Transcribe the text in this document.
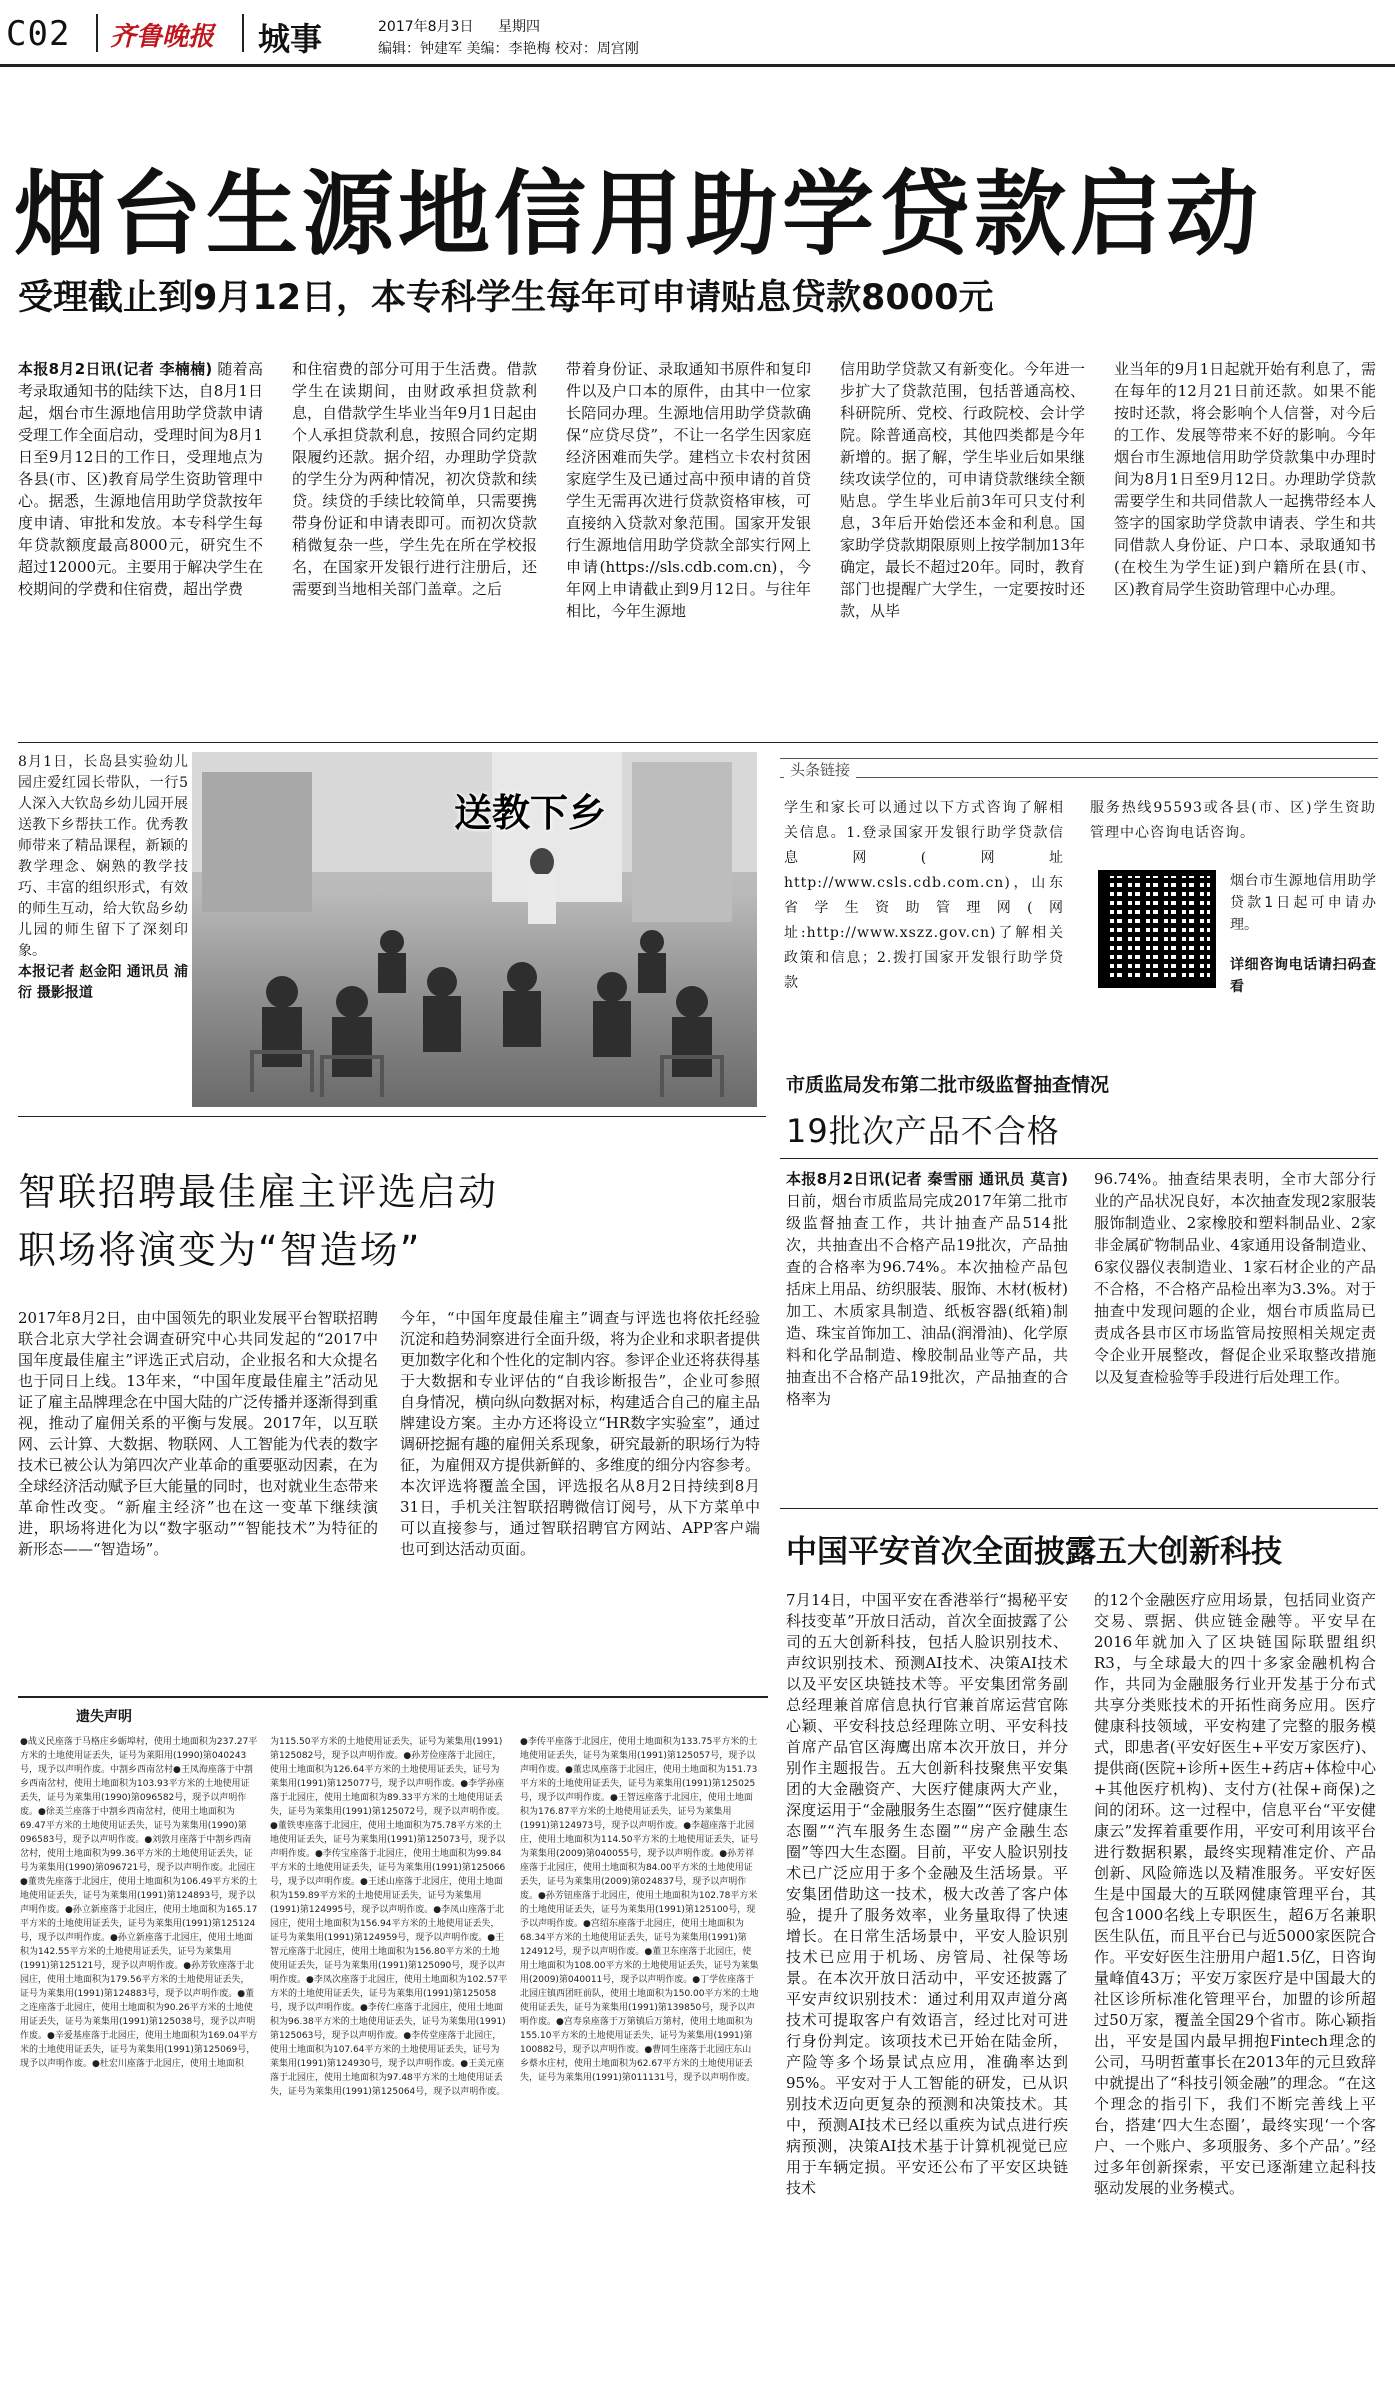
C02 齐鲁晚报 城事	2017年8月3日 星期四
编辑：钟建军 美编：李艳梅 校对：周宫刚
烟台生源地信用助学贷款启动
受理截止到9月12日，本专科学生每年可申请贴息贷款8000元
本报8月2日讯(记者 李楠楠) 随着高考录取通知书的陆续下达，自8月1日起，烟台市生源地信用助学贷款申请受理工作全面启动，受理时间为8月1日至9月12日的工作日，受理地点为各县(市、区)教育局学生资助管理中心。据悉，生源地信用助学贷款按年度申请、审批和发放。本专科学生每年贷款额度最高8000元，研究生不超过12000元。主要用于解决学生在校期间的学费和住宿费，超出学费
和住宿费的部分可用于生活费。借款学生在读期间，由财政承担贷款利息，自借款学生毕业当年9月1日起由个人承担贷款利息，按照合同约定期限履约还款。据介绍，办理助学贷款的学生分为两种情况，初次贷款和续贷。续贷的手续比较简单，只需要携带身份证和申请表即可。而初次贷款稍微复杂一些，学生先在所在学校报名，在国家开发银行进行注册后，还需要到当地相关部门盖章。之后
带着身份证、录取通知书原件和复印件以及户口本的原件，由其中一位家长陪同办理。生源地信用助学贷款确保“应贷尽贷”，不让一名学生因家庭经济困难而失学。建档立卡农村贫困家庭学生及已通过高中预申请的首贷学生无需再次进行贷款资格审核，可直接纳入贷款对象范围。国家开发银行生源地信用助学贷款全部实行网上申请(https://sls.cdb.com.cn)，今年网上申请截止到9月12日。与往年相比，今年生源地
信用助学贷款又有新变化。今年进一步扩大了贷款范围，包括普通高校、科研院所、党校、行政院校、会计学院。除普通高校，其他四类都是今年新增的。据了解，学生毕业后如果继续攻读学位的，可申请贷款继续全额贴息。学生毕业后前3年可只支付利息，3年后开始偿还本金和利息。国家助学贷款期限原则上按学制加13年确定，最长不超过20年。同时，教育部门也提醒广大学生，一定要按时还款，从毕
业当年的9月1日起就开始有利息了，需在每年的12月21日前还款。如果不能按时还款，将会影响个人信誉，对今后的工作、发展等带来不好的影响。今年烟台市生源地信用助学贷款集中办理时间为8月1日至9月12日。办理助学贷款需要学生和共同借款人一起携带经本人签字的国家助学贷款申请表、学生和共同借款人身份证、户口本、录取通知书(在校生为学生证)到户籍所在县(市、区)教育局学生资助管理中心办理。
8月1日，长岛县实验幼儿园庄爱红园长带队，一行5人深入大钦岛乡幼儿园开展送教下乡帮扶工作。优秀教师带来了精品课程，新颖的教学理念、娴熟的教学技巧、丰富的组织形式，有效的师生互动，给大钦岛乡幼儿园的师生留下了深刻印象。
本报记者 赵金阳 通讯员 浦衍 摄影报道
送教下乡
头条链接
学生和家长可以通过以下方式咨询了解相关信息。1.登录国家开发银行助学贷款信息网(网址http://www.csls.cdb.com.cn)，山东省学生资助管理网(网址:http://www.xszz.gov.cn)了解相关政策和信息；2.拨打国家开发银行助学贷款
服务热线95593或各县(市、区)学生资助管理中心咨询电话咨询。
烟台市生源地信用助学贷款1日起可申请办理。
详细咨询电话请扫码查看
市质监局发布第二批市级监督抽查情况
19批次产品不合格
本报8月2日讯(记者 秦雪丽 通讯员 莫言) 日前，烟台市质监局完成2017年第二批市级监督抽查工作，共计抽查产品514批次，共抽查出不合格产品19批次，产品抽查的合格率为96.74%。本次抽检产品包括床上用品、纺织服装、服饰、木材(板材)加工、木质家具制造、纸板容器(纸箱)制造、珠宝首饰加工、油品(润滑油)、化学原料和化学品制造、橡胶制品业等产品，共抽查出不合格产品19批次，产品抽查的合格率为
96.74%。抽查结果表明，全市大部分行业的产品状况良好，本次抽查发现2家服装服饰制造业、2家橡胶和塑料制品业、2家非金属矿物制品业、4家通用设备制造业、6家仪器仪表制造业、1家石材企业的产品不合格，不合格产品检出率为3.3%。对于抽查中发现问题的企业，烟台市质监局已责成各县市区市场监管局按照相关规定责令企业开展整改，督促企业采取整改措施以及复查检验等手段进行后处理工作。
智联招聘最佳雇主评选启动
职场将演变为“智造场”
2017年8月2日，由中国领先的职业发展平台智联招聘联合北京大学社会调查研究中心共同发起的“2017中国年度最佳雇主”评选正式启动，企业报名和大众提名也于同日上线。13年来，“中国年度最佳雇主”活动见证了雇主品牌理念在中国大陆的广泛传播并逐渐得到重视，推动了雇佣关系的平衡与发展。2017年，以互联网、云计算、大数据、物联网、人工智能为代表的数字技术已被公认为第四次产业革命的重要驱动因素，在为全球经济活动赋予巨大能量的同时，也对就业生态带来革命性改变。“新雇主经济”也在这一变革下继续演进，职场将进化为以“数字驱动”“智能技术”为特征的新形态——“智造场”。
今年，“中国年度最佳雇主”调查与评选也将依托经验沉淀和趋势洞察进行全面升级，将为企业和求职者提供更加数字化和个性化的定制内容。参评企业还将获得基于大数据和专业评估的“自我诊断报告”，企业可参照自身情况，横向纵向数据对标，构建适合自己的雇主品牌建设方案。主办方还将设立“HR数字实验室”，通过调研挖掘有趣的雇佣关系现象，研究最新的职场行为特征，为雇佣双方提供新鲜的、多维度的细分内容参考。本次评选将覆盖全国，评选报名从8月2日持续到8月31日，手机关注智联招聘微信订阅号，从下方菜单中可以直接参与，通过智联招聘官方网站、APP客户端也可到达活动页面。	中国平安首次全面披露五大创新科技
7月14日，中国平安在香港举行“揭秘平安科技变革”开放日活动，首次全面披露了公司的五大创新科技，包括人脸识别技术、声纹识别技术、预测AI技术、决策AI技术以及平安区块链技术等。平安集团常务副总经理兼首席信息执行官兼首席运营官陈心颖、平安科技总经理陈立明、平安科技首席产品官区海鹰出席本次开放日，并分别作主题报告。五大创新科技聚焦平安集团的大金融资产、大医疗健康两大产业，深度运用于“金融服务生态圈”“医疗健康生态圈”“汽车服务生态圈”“房产金融生态圈”等四大生态圈。目前，平安人脸识别技术已广泛应用于多个金融及生活场景。平安集团借助这一技术，极大改善了客户体验，提升了服务效率，业务量取得了快速增长。在日常生活场景中，平安人脸识别技术已应用于机场、房管局、社保等场景。在本次开放日活动中，平安还披露了平安声纹识别技术：通过利用双声道分离技术可提取客户有效语言，经过比对可进行身份判定。该项技术已开始在陆金所，产险等多个场景试点应用，准确率达到95%。平安对于人工智能的研发，已从识别技术迈向更复杂的预测和决策技术。其中，预测AI技术已经以重疾为试点进行疾病预测，决策AI技术基于计算机视觉已应用于车辆定损。平安还公布了平安区块链技术
的12个金融医疗应用场景，包括同业资产交易、票据、供应链金融等。平安早在2016年就加入了区块链国际联盟组织R3，与全球最大的四十多家金融机构合作，共同为金融服务行业开发基于分布式共享分类账技术的开拓性商务应用。医疗健康科技领域，平安构建了完整的服务模式，即患者(平安好医生+平安万家医疗)、提供商(医院+诊所+医生+药店+体检中心+其他医疗机构)、支付方(社保+商保)之间的闭环。这一过程中，信息平台“平安健康云”发挥着重要作用，平安可利用该平台进行数据积累，最终实现精准定价、产品创新、风险筛选以及精准服务。平安好医生是中国最大的互联网健康管理平台，其包含1000名线上专职医生，超6万名兼职医生队伍，而且平台已与近5000家医院合作。平安好医生注册用户超1.5亿，日咨询量峰值43万；平安万家医疗是中国最大的社区诊所标准化管理平台，加盟的诊所超过50万家，覆盖全国29个省市。陈心颖指出，平安是国内最早拥抱Fintech理念的公司，马明哲董事长在2013年的元旦致辞中就提出了“科技引领金融”的理念。“在这个理念的指引下，我们不断完善线上平台，搭建‘四大生态圈’，最终实现‘一个客户、一个账户、多项服务、多个产品’。”经过多年创新探索，平安已逐渐建立起科技驱动发展的业务模式。
遗失声明
●战义民座落于马格庄乡蛎埠村，使用土地面积为237.27平方米的土地使用证丢失，证号为莱阳用(1990)第040243号，现予以声明作废。中割乡西南岔村●王凤海座落于中割乡西南岔村，使用土地面积为103.93平方米的土地使用证丢失，证号为莱集用(1990)第096582号，现予以声明作废。●徐美兰座落于中割乡西南岔村，使用土地面积为69.47平方米的土地使用证丢失，证号为莱集用(1990)第096583号，现予以声明作废。●刘敦月座落于中割乡西南岔村，使用土地面积为99.36平方米的土地使用证丢失，证号为莱集用(1990)第096721号，现予以声明作废。北园庄●董贵先座落于北园庄，使用土地面积为106.49平方米的土地使用证丢失，证号为莱集用(1991)第124893号，现予以声明作废。●孙立新座落于北园庄，使用土地面积为165.17平方米的土地使用证丢失，证号为莱集用(1991)第125124号，现予以声明作废。●孙立新座落于北园庄，使用土地面积为142.55平方米的土地使用证丢失，证号为莱集用(1991)第125121号，现予以声明作废。●孙芳钦座落于北园庄，使用土地面积为179.56平方米的土地使用证丢失，证号为莱集用(1991)第124883号，现予以声明作废。●董之连座落于北园庄，使用土地面积为90.26平方米的土地使用证丢失，证号为莱集用(1991)第125038号，现予以声明作废。●辛爱基座落于北园庄，使用土地面积为169.04平方米的土地使用证丢失，证号为莱集用(1991)第125069号，现予以声明作废。●杜宏川座落于北园庄，使用土地面积
为115.50平方米的土地使用证丢失，证号为莱集用(1991)第125082号，现予以声明作废。●孙芳俭座落于北园庄，使用土地面积为126.64平方米的土地使用证丢失，证号为莱集用(1991)第125077号，现予以声明作废。●李学孙座落于北园庄，使用土地面积为89.33平方米的土地使用证丢失，证号为莱集用(1991)第125072号，现予以声明作废。●董铁枣座落于北园庄，使用土地面积为75.78平方米的土地使用证丢失，证号为莱集用(1991)第125073号，现予以声明作废。●李传宝座落于北园庄，使用土地面积为99.84平方米的土地使用证丢失，证号为莱集用(1991)第125066号，现予以声明作废。●王述山座落于北园庄，使用土地面积为159.89平方米的土地使用证丢失，证号为莱集用(1991)第124995号，现予以声明作废。●李凤山座落于北园庄，使用土地面积为156.94平方米的土地使用证丢失，证号为莱集用(1991)第124959号，现予以声明作废。●王智元座落于北园庄，使用土地面积为156.80平方米的土地使用证丢失，证号为莱集用(1991)第125090号，现予以声明作废。●李凤次座落于北园庄，使用土地面积为102.57平方米的土地使用证丢失，证号为莱集用(1991)第125058号，现予以声明作废。●李传仁座落于北园庄，使用土地面积为96.38平方米的土地使用证丢失，证号为莱集用(1991)第125063号，现予以声明作废。●李传堂座落于北园庄，使用土地面积为107.64平方米的土地使用证丢失，证号为莱集用(1991)第124930号，现予以声明作废。●王美元座落于北园庄，使用土地面积为97.48平方米的土地使用证丢失，证号为莱集用(1991)第125064号，现予以声明作废。
●李传平座落于北园庄，使用土地面积为133.75平方米的土地使用证丢失，证号为莱集用(1991)第125057号，现予以声明作废。●董忠凤座落于北园庄，使用土地面积为151.73平方米的土地使用证丢失，证号为莱集用(1991)第125025号，现予以声明作废。●王智远座落于北园庄，使用土地面积为176.87平方米的土地使用证丢失，证号为莱集用(1991)第124973号，现予以声明作废。●李超座落于北园庄，使用土地面积为114.50平方米的土地使用证丢失，证号为莱集用(2009)第040055号，现予以声明作废。●孙芳祥座落于北园庄，使用土地面积为84.00平方米的土地使用证丢失，证号为莱集用(2009)第024837号，现予以声明作废。●孙芳钮座落于北园庄，使用土地面积为102.78平方米的土地使用证丢失，证号为莱集用(1991)第125100号，现予以声明作废。●宫绍东座落于北园庄，使用土地面积为68.34平方米的土地使用证丢失，证号为莱集用(1991)第124912号，现予以声明作废。●董卫东座落于北园庄，使用土地面积为108.00平方米的土地使用证丢失，证号为莱集用(2009)第040011号，现予以声明作废。●丁学佐座落于北园庄镇西团旺前队，使用土地面积为150.00平方米的土地使用证丢失，证号为莱集用(1991)第139850号，现予以声明作废。●宫寿泉座落于万第镇后万第村，使用土地面积为155.10平方米的土地使用证丢失，证号为莱集用(1991)第100882号，现予以声明作废。●曹同生座落于北园庄东山乡蔡水庄村，使用土地面积为62.67平方米的土地使用证丢失，证号为莱集用(1991)第011131号，现予以声明作废。
